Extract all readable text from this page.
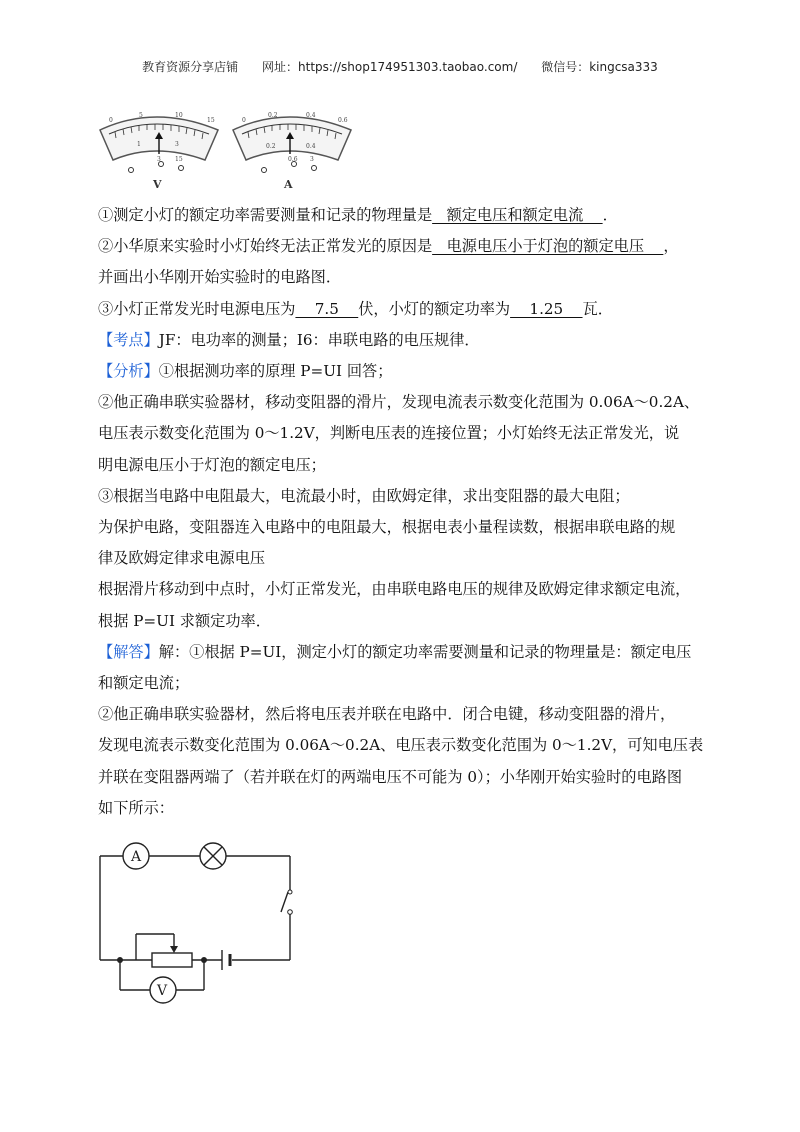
教育资源分享店铺 网址：https://shop174951303.taobao.com/ 微信号：kingcsa333
0
5	10
15
1	3
3 15
V
0
0.2	0.4
0.6
0.2	0.4
0.6 3
A

①测定小灯的额定功率需要测量和记录的物理量是   额定电压和额定电流    ．

②小华原来实验时小灯始终无法正常发光的原因是   电源电压小于灯泡的额定电压    ，

并画出小华刚开始实验时的电路图．

③小灯正常发光时电源电压为    7.5    伏，小灯的额定功率为    1.25    瓦．

【考点】JF：电功率的测量；I6：串联电路的电压规律．

【分析】①根据测功率的原理 P=UI 回答；

②他正确串联实验器材，移动变阻器的滑片，发现电流表示数变化范围为 0.06A～0.2A、

电压表示数变化范围为 0～1.2V，判断电压表的连接位置；小灯始终无法正常发光，说

明电源电压小于灯泡的额定电压；

③根据当电路中电阻最大，电流最小时，由欧姆定律，求出变阻器的最大电阻；

为保护电路，变阻器连入电路中的电阻最大，根据电表小量程读数，根据串联电路的规

律及欧姆定律求电源电压

根据滑片移动到中点时，小灯正常发光，由串联电路电压的规律及欧姆定律求额定电流，

根据 P=UI 求额定功率．

【解答】解：①根据 P=UI，测定小灯的额定功率需要测量和记录的物理量是：额定电压

和额定电流；

②他正确串联实验器材，然后将电压表并联在电路中．闭合电键，移动变阻器的滑片，

发现电流表示数变化范围为 0.06A～0.2A、电压表示数变化范围为 0～1.2V，可知电压表

并联在变阻器两端了（若并联在灯的两端电压不可能为 0）；小华刚开始实验时的电路图

如下所示：

A
V
